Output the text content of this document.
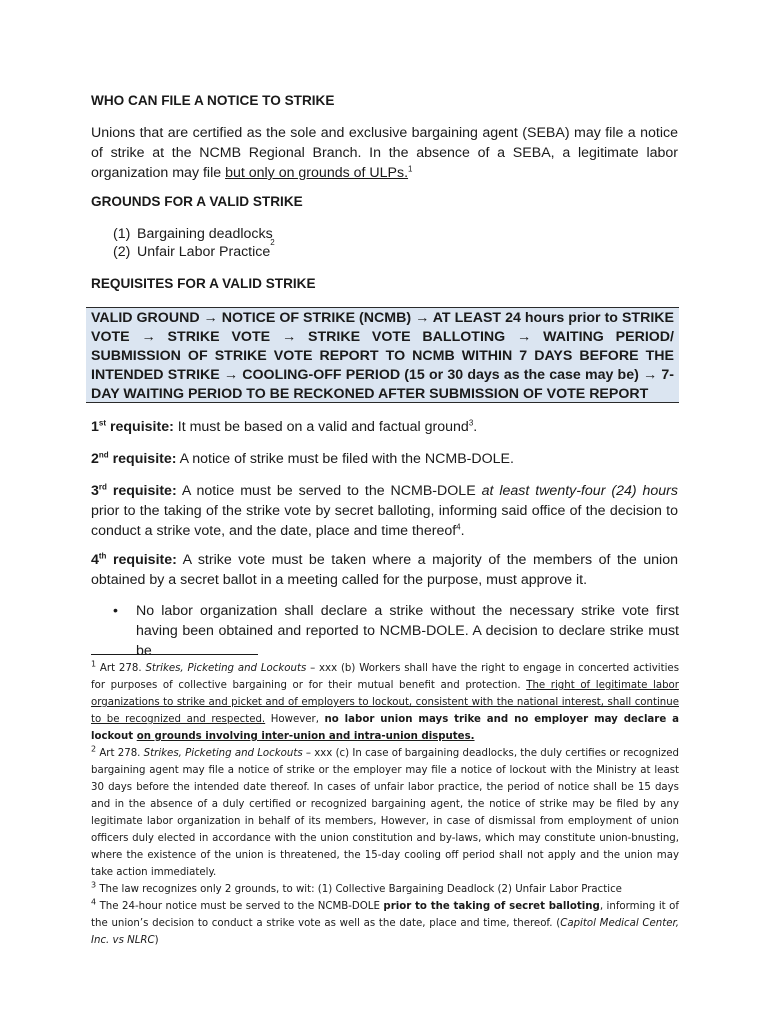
WHO CAN FILE A NOTICE TO STRIKE

Unions that are certified as the sole and exclusive bargaining agent (SEBA) may file a notice of strike at the NCMB Regional Branch. In the absence of a SEBA, a legitimate labor organization may file but only on grounds of ULPs.$^1$

GROUNDS FOR A VALID STRIKE
(1) Bargaining deadlocks
(2) Unfair Labor Practice
2
REQUISITES FOR A VALID STRIKE

VALID GROUND → NOTICE OF STRIKE (NCMB) → AT LEAST 24 hours prior to STRIKE

VOTE → STRIKE VOTE → STRIKE VOTE BALLOTING → WAITING PERIOD/

SUBMISSION OF STRIKE VOTE REPORT TO NCMB WITHIN 7 DAYS BEFORE THE

INTENDED STRIKE → COOLING-OFF PERIOD (15 or 30 days as the case may be) → 7-

DAY WAITING PERIOD TO BE RECKONED AFTER SUBMISSION OF VOTE REPORT

1st requisite: It must be based on a valid and factual ground$^3$.

2nd requisite: A notice of strike must be filed with the NCMB-DOLE.

3rd requisite: A notice must be served to the NCMB-DOLE at least twenty-four (24) hours prior to the taking of the strike vote by secret balloting, informing said office of the decision to conduct a strike vote, and the date, place and time thereof$^4$.

4th requisite: A strike vote must be taken where a majority of the members of the union obtained by a secret ballot in a meeting called for the purpose, must approve it.

•	No labor organization shall declare a strike without the necessary strike vote first having been obtained and reported to NCMB-DOLE. A decision to declare strike must be

$^1$ Art 278. Strikes, Picketing and Lockouts – xxx (b) Workers shall have the right to engage in concerted activities for purposes of collective bargaining or for their mutual benefit and protection. The right of legitimate labor organizations to strike and picket and of employers to lockout, consistent with the national interest, shall continue to be recognized and respected. However, no labor union mays trike and no employer may declare a lockout on grounds involving inter-union and intra-union disputes.

$^2$ Art 278. Strikes, Picketing and Lockouts – xxx (c) In case of bargaining deadlocks, the duly certifies or recognized bargaining agent may file a notice of strike or the employer may file a notice of lockout with the Ministry at least 30 days before the intended date thereof. In cases of unfair labor practice, the period of notice shall be 15 days and in the absence of a duly certified or recognized bargaining agent, the notice of strike may be filed by any legitimate labor organization in behalf of its members, However, in case of dismissal from employment of union officers duly elected in accordance with the union constitution and by-laws, which may constitute union-bnusting, where the existence of the union is threatened, the 15-day cooling off period shall not apply and the union may take action immediately.

$^3$ The law recognizes only 2 grounds, to wit: (1) Collective Bargaining Deadlock (2) Unfair Labor Practice

$^4$ The 24-hour notice must be served to the NCMB-DOLE prior to the taking of secret balloting, informing it of the union’s decision to conduct a strike vote as well as the date, place and time, thereof. (Capitol Medical Center, Inc. vs NLRC)
